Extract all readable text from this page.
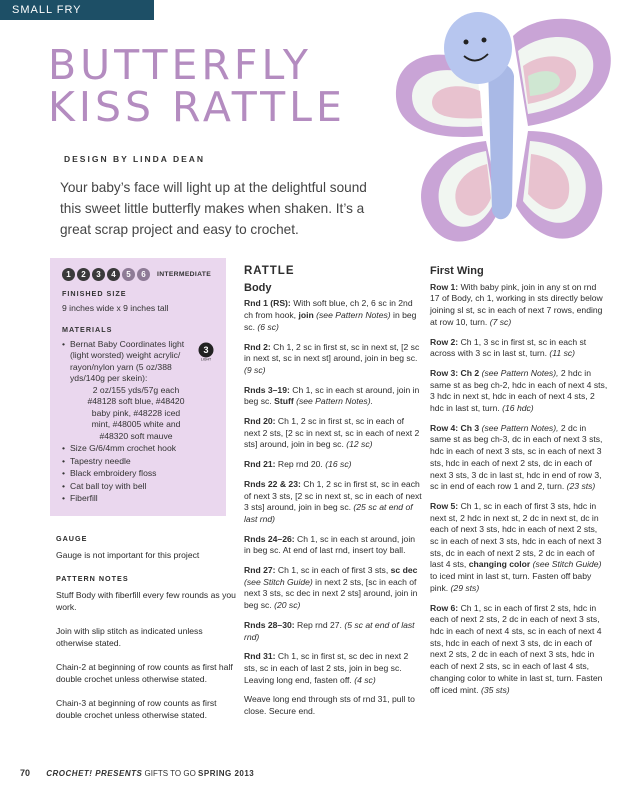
SMALL FRY
BUTTERFLY
KISS RATTLE
DESIGN BY LINDA DEAN

Your baby’s face will light up at the delightful sound this sweet little butterfly makes when shaken. It’s a great scrap project and easy to crochet.

1	2	3	4	5	6	INTERMEDIATE
FINISHED SIZE
9 inches wide x 9 inches tall
MATERIALS
• Bernat Baby Coordinates light (light worsted) weight acrylic/ rayon/nylon yarn (5 oz/388 yds/140g per skein):
3
LIGHT
2 oz/155 yds/57g each #48128 soft blue, #48420 baby pink, #48228 iced mint, #48005 white and #48320 soft mauve
• Size G/6/4mm crochet hook
• Tapestry needle
• Black embroidery floss
• Cat ball toy with bell
• Fiberfill
GAUGE

Gauge is not important for this project

PATTERN NOTES

Stuff Body with fiberfill every few rounds as you work.

Join with slip stitch as indicated unless otherwise stated.

Chain-2 at beginning of row counts as first half double crochet unless otherwise stated.

Chain-3 at beginning of row counts as first double crochet unless otherwise stated.

RATTLE
Body

Rnd 1 (RS): With soft blue, ch 2, 6 sc in 2nd ch from hook, join (see Pattern Notes) in beg sc. (6 sc)

Rnd 2: Ch 1, 2 sc in first st, sc in next st, [2 sc in next st, sc in next st] around, join in beg sc. (9 sc)

Rnds 3–19: Ch 1, sc in each st around, join in beg sc. Stuff (see Pattern Notes).

Rnd 20: Ch 1, 2 sc in first st, sc in each of next 2 sts, [2 sc in next st, sc in each of next 2 sts] around, join in beg sc. (12 sc)

Rnd 21: Rep rnd 20. (16 sc)

Rnds 22 & 23: Ch 1, 2 sc in first st, sc in each of next 3 sts, [2 sc in next st, sc in each of next 3 sts] around, join in beg sc. (25 sc at end of last rnd)

Rnds 24–26: Ch 1, sc in each st around, join in beg sc. At end of last rnd, insert toy ball.

Rnd 27: Ch 1, sc in each of first 3 sts, sc dec (see Stitch Guide) in next 2 sts, [sc in each of next 3 sts, sc dec in next 2 sts] around, join in beg sc. (20 sc)

Rnds 28–30: Rep rnd 27. (5 sc at end of last rnd)

Rnd 31: Ch 1, sc in first st, sc dec in next 2 sts, sc in each of last 2 sts, join in beg sc. Leaving long end, fasten off. (4 sc)

Weave long end through sts of rnd 31, pull to close. Secure end.

First Wing

Row 1: With baby pink, join in any st on rnd 17 of Body, ch 1, working in sts directly below joining sl st, sc in each of next 7 rows, ending at row 10, turn. (7 sc)

Row 2: Ch 1, 3 sc in first st, sc in each st across with 3 sc in last st, turn. (11 sc)

Row 3: Ch 2 (see Pattern Notes), 2 hdc in same st as beg ch-2, hdc in each of next 4 sts, 3 hdc in next st, hdc in each of next 4 sts, 2 hdc in last st, turn. (16 hdc)

Row 4: Ch 3 (see Pattern Notes), 2 dc in same st as beg ch-3, dc in each of next 3 sts, hdc in each of next 3 sts, sc in each of next 3 sts, hdc in each of next 2 sts, dc in each of next 3 sts, 3 dc in last st, hdc in end of row 3, sc in end of each row 1 and 2, turn. (23 sts)

Row 5: Ch 1, sc in each of first 3 sts, hdc in next st, 2 hdc in next st, 2 dc in next st, dc in each of next 3 sts, hdc in each of next 2 sts, sc in each of next 3 sts, hdc in each of next 3 sts, dc in each of next 2 sts, 2 dc in each of last 4 sts, changing color (see Stitch Guide) to iced mint in last st, turn. Fasten off baby pink. (29 sts)

Row 6: Ch 1, sc in each of first 2 sts, hdc in each of next 2 sts, 2 dc in each of next 3 sts, hdc in each of next 4 sts, sc in each of next 4 sts, hdc in each of next 3 sts, dc in each of next 2 sts, 2 dc in each of next 3 sts, hdc in each of next 2 sts, sc in each of last 4 sts, changing color to white in last st, turn. Fasten off iced mint. (35 sts)

70 CROCHET! PRESENTS GIFTS TO GO SPRING 2013
